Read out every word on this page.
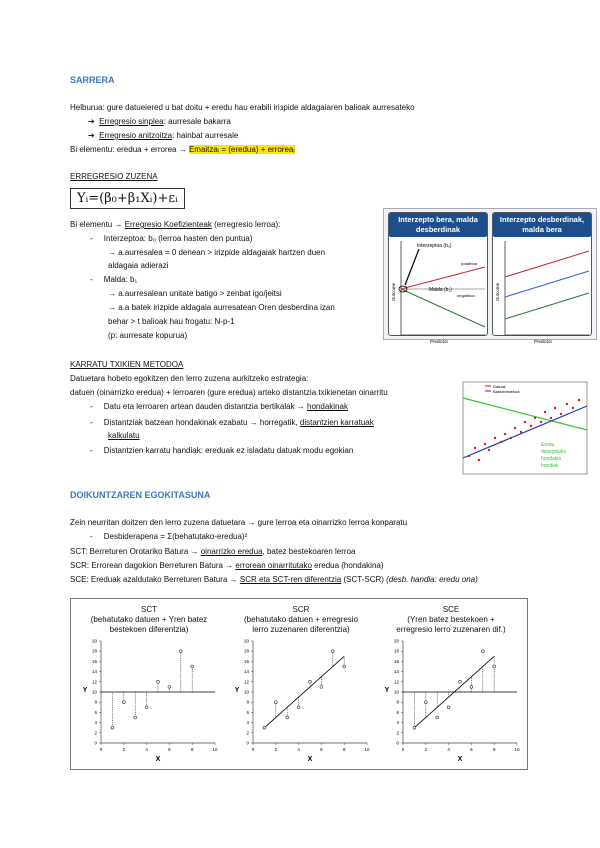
SARRERA
Helburua: gure datueiered u bat doitu + eredu hau erabili iriзpide aldagaiaren balioak aurresateko
➔  Erregresio sinplea: aurresale bakarra
➔  Erregresio anitzoitza: hainbat aurresale
Bi elementu: eredua + errorea → Emaitzaᵢ = (eredua) + erroreaᵢ
ERREGRESIO ZUZENA
Yᵢ=(β₀+β₁Xᵢ)+εᵢ
Bi elementu → Erregresio Koefizienteak (erregresio lerroa):
-     Interzeptoa: b₀ (lerroa hasten den puntua)
→ a.aurresalea = 0 denean > irizpide aldagaiak hartzen duen
aldagaia adierazi
-     Malda: b₁
→ a.aurresalean unitate batigo > zenbat igo/jeitsi
→ a.a batek irizpide aldagaia aurresatean Oren desberdina izan
behar > t balioak hau frogatu: N-p-1
(p: aurresate kopurua)
Interzepto bera, malda desberdinak
Interzeptoa (b₀)
Malda (b₁)
negatiboa
positiboa
Predictor
Outcome
Interzepto desberdinak, malda bera
Predictor
Outcome
KARRATU TXIKIEN METODOA
Datuetara hobeto egokitzen den lerro zuzena aurkitzeko estrategia:
datuen (oinarrizko eredua) + lerroaren (gure eredua) arteko distantzia txikienetan oinarritu
-     Datu eta lerroaren artean dauden distantzia bertikalak → hondakinak
-     Distantziak batzean hondakinak ezabatu → horregatik, distantzien karratuak
kalkulatu
-     Distantzien karratu handiak: ereduak ez isladatu datuak modu egokian
Datuak
Batezbestekoa
Eredu
desegokiko
hondakin
handiak
DOIKUNTZAREN EGOKITASUNA
Zein neurritan doitzen den lerro zuzena datuetara → gure lerroa eta oinarrizko lerroa konparatu
-     Desbiderapena = Σ(behatutako-eredua)²
SCT: Berreturen Orotariko Batura → oinarrizko eredua, batez bestekoaren lerroa
SCR: Errorean dagokion Berreturen Batura → errorean oinarritutako eredua (hondakina)
SCE: Ereduak azaldutako Berreturen Batura → SCR eta SCT-ren diferentzia (SCT-SCR) (desb. handia: eredu ona)
SCT
(behatutako datuen + Yren batez
bestekoen diferentzia)
0
2
4
6
8
10
12
14
16
18
20
0	2	4	6	8	10
X
Y
SCR
(behatutako datuen + erregresio
lerro zuzenaren diferentzia)
0
2
4
6
8
10
12
14
16
18
20
0	2	4	6	8	10
X
Y
SCE
(Yren batez bestekoen +
erregresio lerro zuzenaren dif.)
0
2
4
6
8
10
12
14
16
18
20
0	2	4	6	8	10
X
Y
